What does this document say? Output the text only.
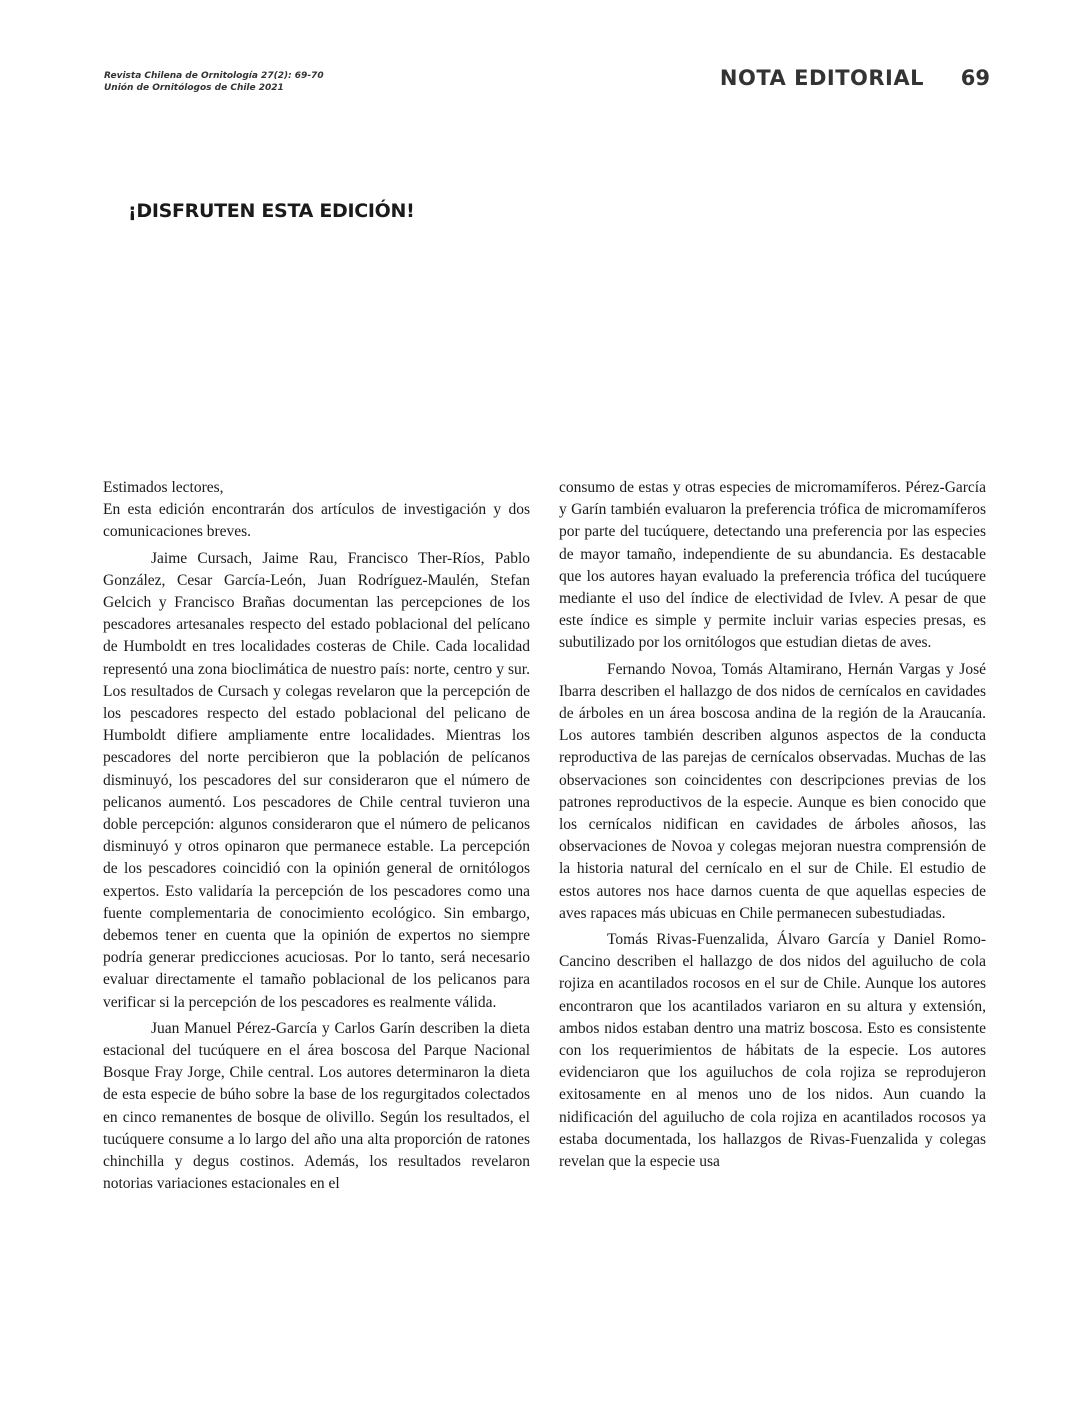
Revista Chilena de Ornitología 27(2): 69-70
Unión de Ornitólogos de Chile 2021	NOTA EDITORIAL 69
¡DISFRUTEN ESTA EDICIÓN!

Estimados lectores,

En esta edición encontrarán dos artículos de investigación y dos comunicaciones breves.

Jaime Cursach, Jaime Rau, Francisco Ther-Ríos, Pablo González, Cesar García-León, Juan Rodríguez-Maulén, Stefan Gelcich y Francisco Brañas documentan las percepciones de los pescadores artesanales respecto del estado poblacional del pelícano de Humboldt en tres localidades costeras de Chile. Cada localidad representó una zona bioclimática de nuestro país: norte, centro y sur. Los resultados de Cursach y colegas revelaron que la percepción de los pescadores respecto del estado poblacional del pelicano de Humboldt difiere ampliamente entre localidades. Mientras los pescadores del norte percibieron que la población de pelícanos disminuyó, los pescadores del sur consideraron que el número de pelicanos aumentó. Los pescadores de Chile central tuvieron una doble percepción: algunos consideraron que el número de pelicanos disminuyó y otros opinaron que permanece estable. La percepción de los pescadores coincidió con la opinión general de ornitólogos expertos. Esto validaría la percepción de los pescadores como una fuente complementaria de conocimiento ecológico. Sin embargo, debemos tener en cuenta que la opinión de expertos no siempre podría generar predicciones acuciosas. Por lo tanto, será necesario evaluar directamente el tamaño poblacional de los pelicanos para verificar si la percepción de los pescadores es realmente válida.

Juan Manuel Pérez-García y Carlos Garín describen la dieta estacional del tucúquere en el área boscosa del Parque Nacional Bosque Fray Jorge, Chile central. Los autores determinaron la dieta de esta especie de búho sobre la base de los regurgitados colectados en cinco remanentes de bosque de olivillo. Según los resultados, el tucúquere consume a lo largo del año una alta proporción de ratones chinchilla y degus costinos. Además, los resultados revelaron notorias variaciones estacionales en el

consumo de estas y otras especies de micromamíferos. Pérez-García y Garín también evaluaron la preferencia trófica de micromamíferos por parte del tucúquere, detectando una preferencia por las especies de mayor tamaño, independiente de su abundancia. Es destacable que los autores hayan evaluado la preferencia trófica del tucúquere mediante el uso del índice de electividad de Ivlev. A pesar de que este índice es simple y permite incluir varias especies presas, es subutilizado por los ornitólogos que estudian dietas de aves.

Fernando Novoa, Tomás Altamirano, Hernán Vargas y José Ibarra describen el hallazgo de dos nidos de cernícalos en cavidades de árboles en un área boscosa andina de la región de la Araucanía. Los autores también describen algunos aspectos de la conducta reproductiva de las parejas de cernícalos observadas. Muchas de las observaciones son coincidentes con descripciones previas de los patrones reproductivos de la especie. Aunque es bien conocido que los cernícalos nidifican en cavidades de árboles añosos, las observaciones de Novoa y colegas mejoran nuestra comprensión de la historia natural del cernícalo en el sur de Chile. El estudio de estos autores nos hace darnos cuenta de que aquellas especies de aves rapaces más ubicuas en Chile permanecen subestudiadas.

Tomás Rivas-Fuenzalida, Álvaro García y Daniel Romo-Cancino describen el hallazgo de dos nidos del aguilucho de cola rojiza en acantilados rocosos en el sur de Chile. Aunque los autores encontraron que los acantilados variaron en su altura y extensión, ambos nidos estaban dentro una matriz boscosa. Esto es consistente con los requerimientos de hábitats de la especie. Los autores evidenciaron que los aguiluchos de cola rojiza se reprodujeron exitosamente en al menos uno de los nidos. Aun cuando la nidificación del aguilucho de cola rojiza en acantilados rocosos ya estaba documentada, los hallazgos de Rivas-Fuenzalida y colegas revelan que la especie usa
